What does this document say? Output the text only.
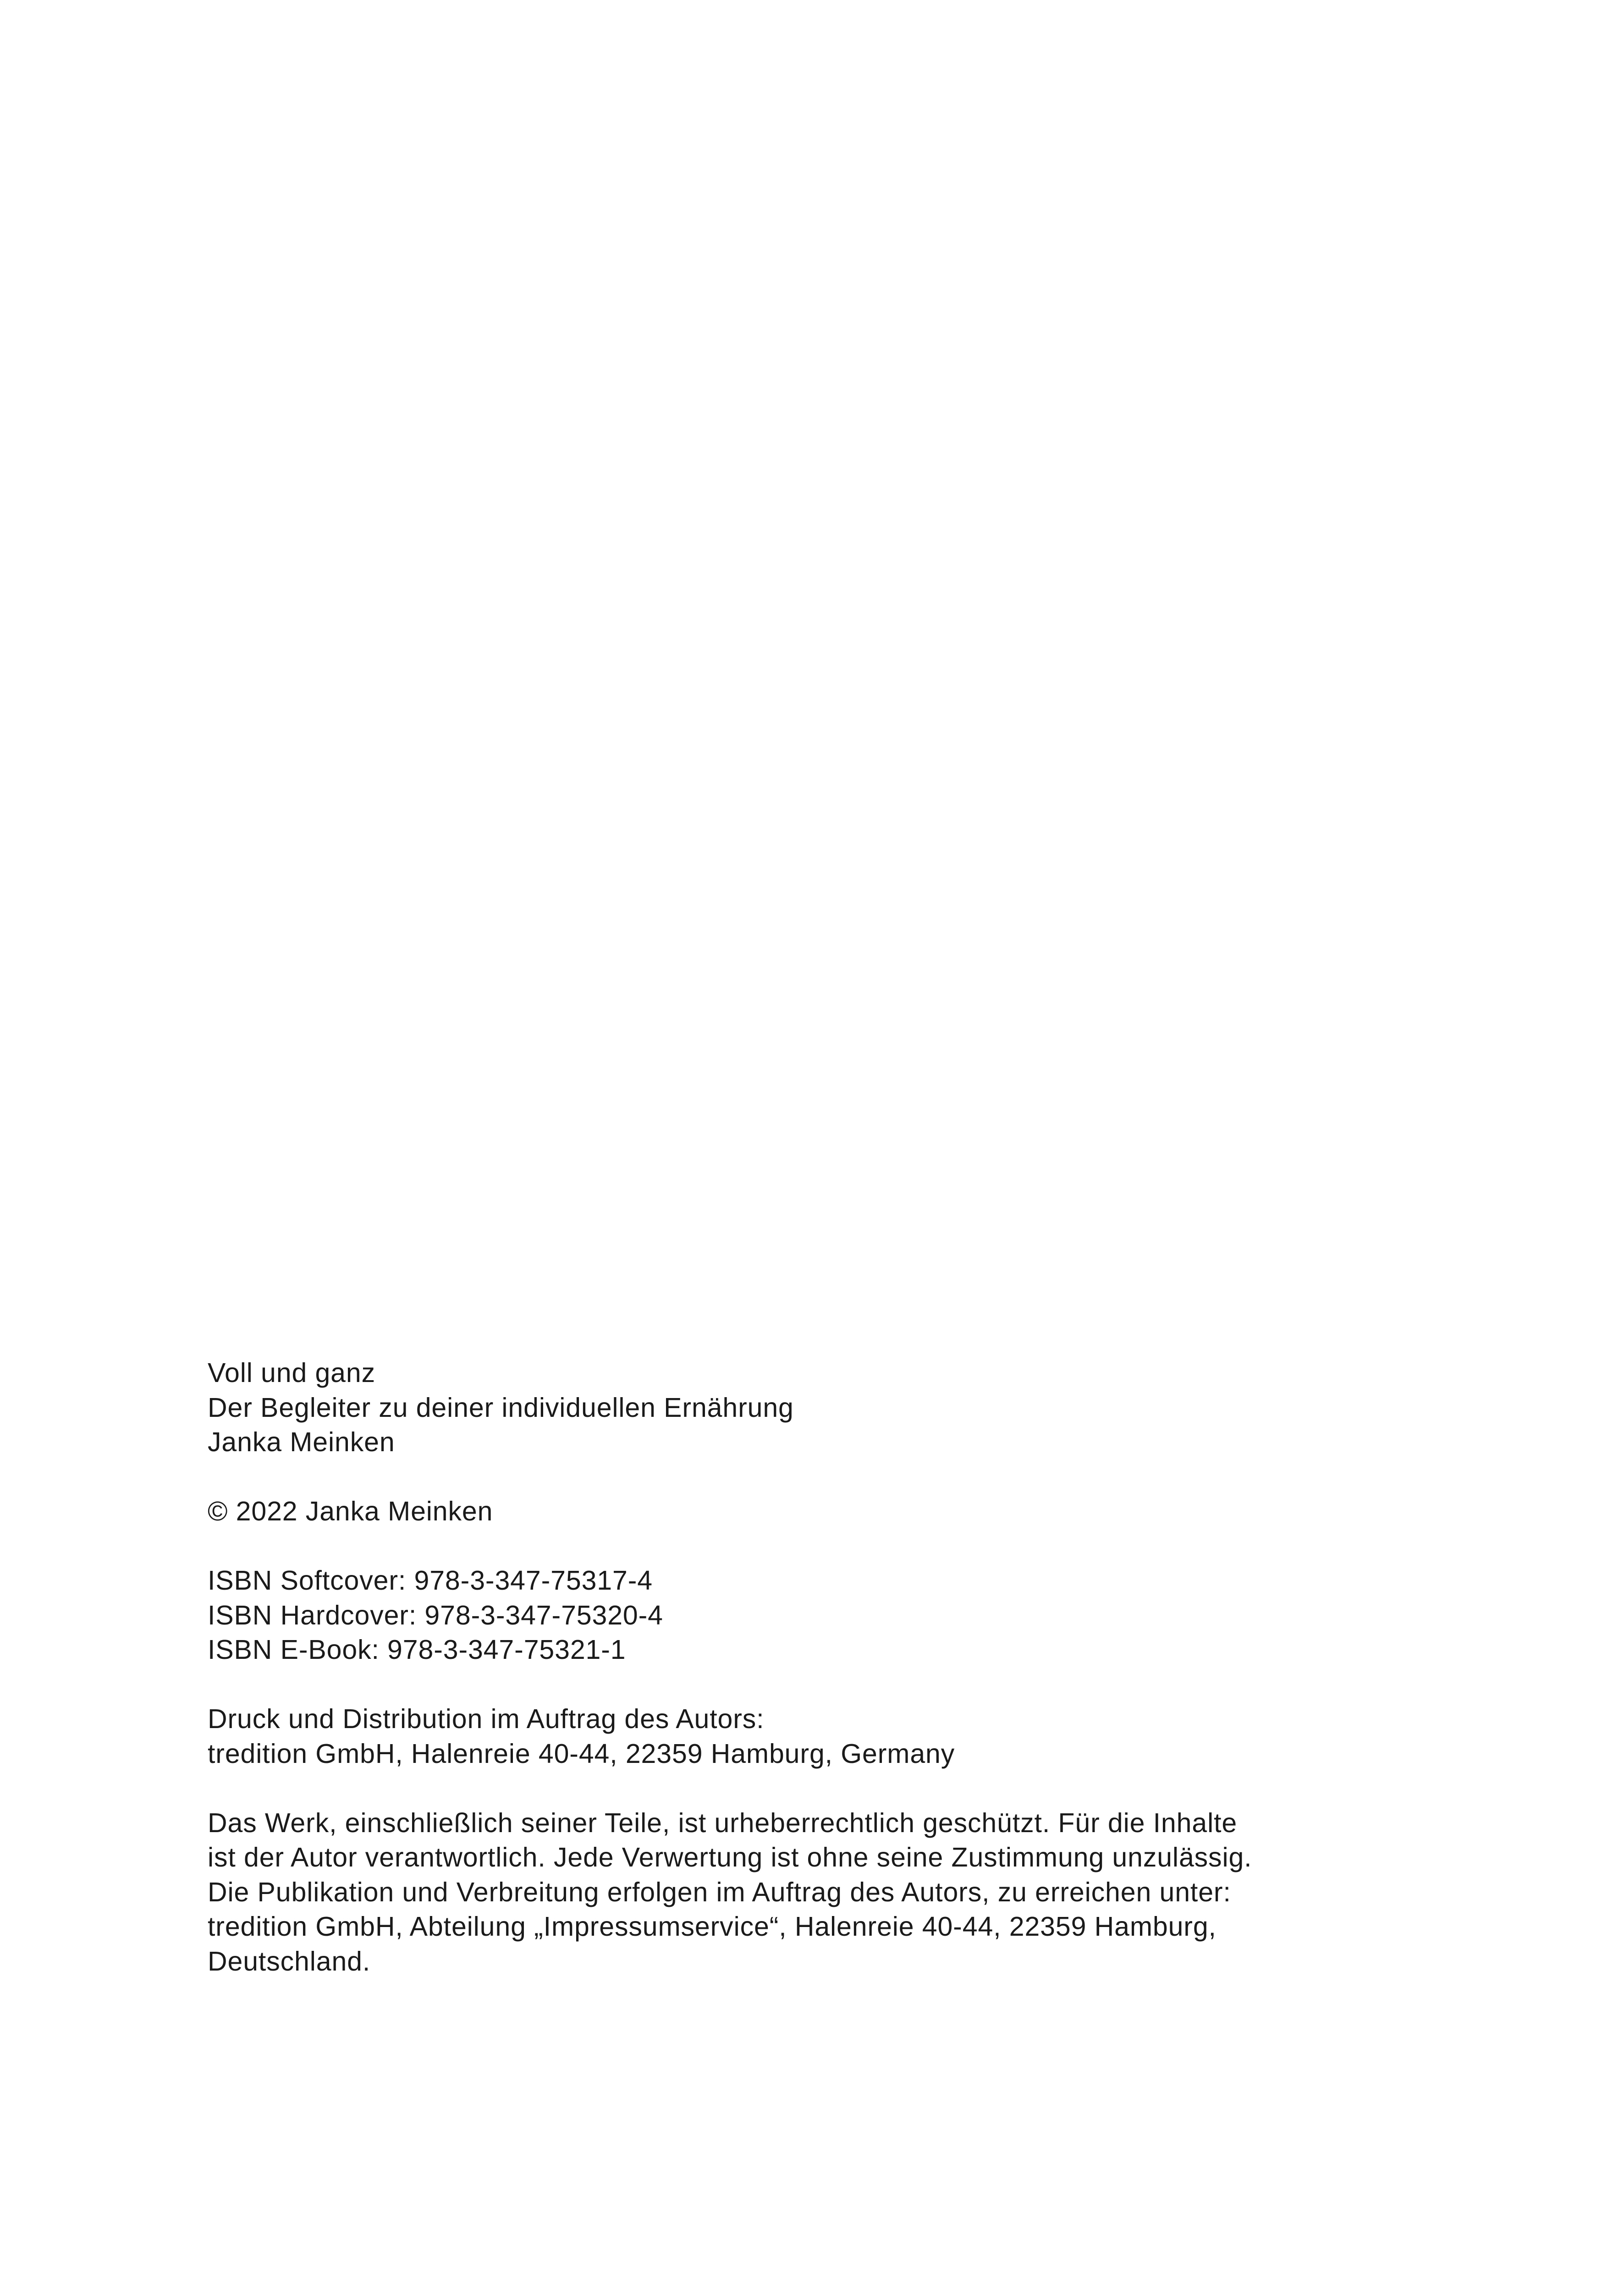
Voll und ganz
Der Begleiter zu deiner individuellen Ernährung
Janka Meinken
© 2022 Janka Meinken
ISBN Softcover: 978-3-347-75317-4
ISBN Hardcover: 978-3-347-75320-4
ISBN E-Book: 978-3-347-75321-1
Druck und Distribution im Auftrag des Autors:
tredition GmbH, Halenreie 40-44, 22359 Hamburg, Germany
Das Werk, einschließlich seiner Teile, ist urheberrechtlich geschützt. Für die Inhalte
ist der Autor verantwortlich. Jede Verwertung ist ohne seine Zustimmung unzulässig.
Die Publikation und Verbreitung erfolgen im Auftrag des Autors, zu erreichen unter:
tredition GmbH, Abteilung „Impressumservice“, Halenreie 40-44, 22359 Hamburg,
Deutschland.
